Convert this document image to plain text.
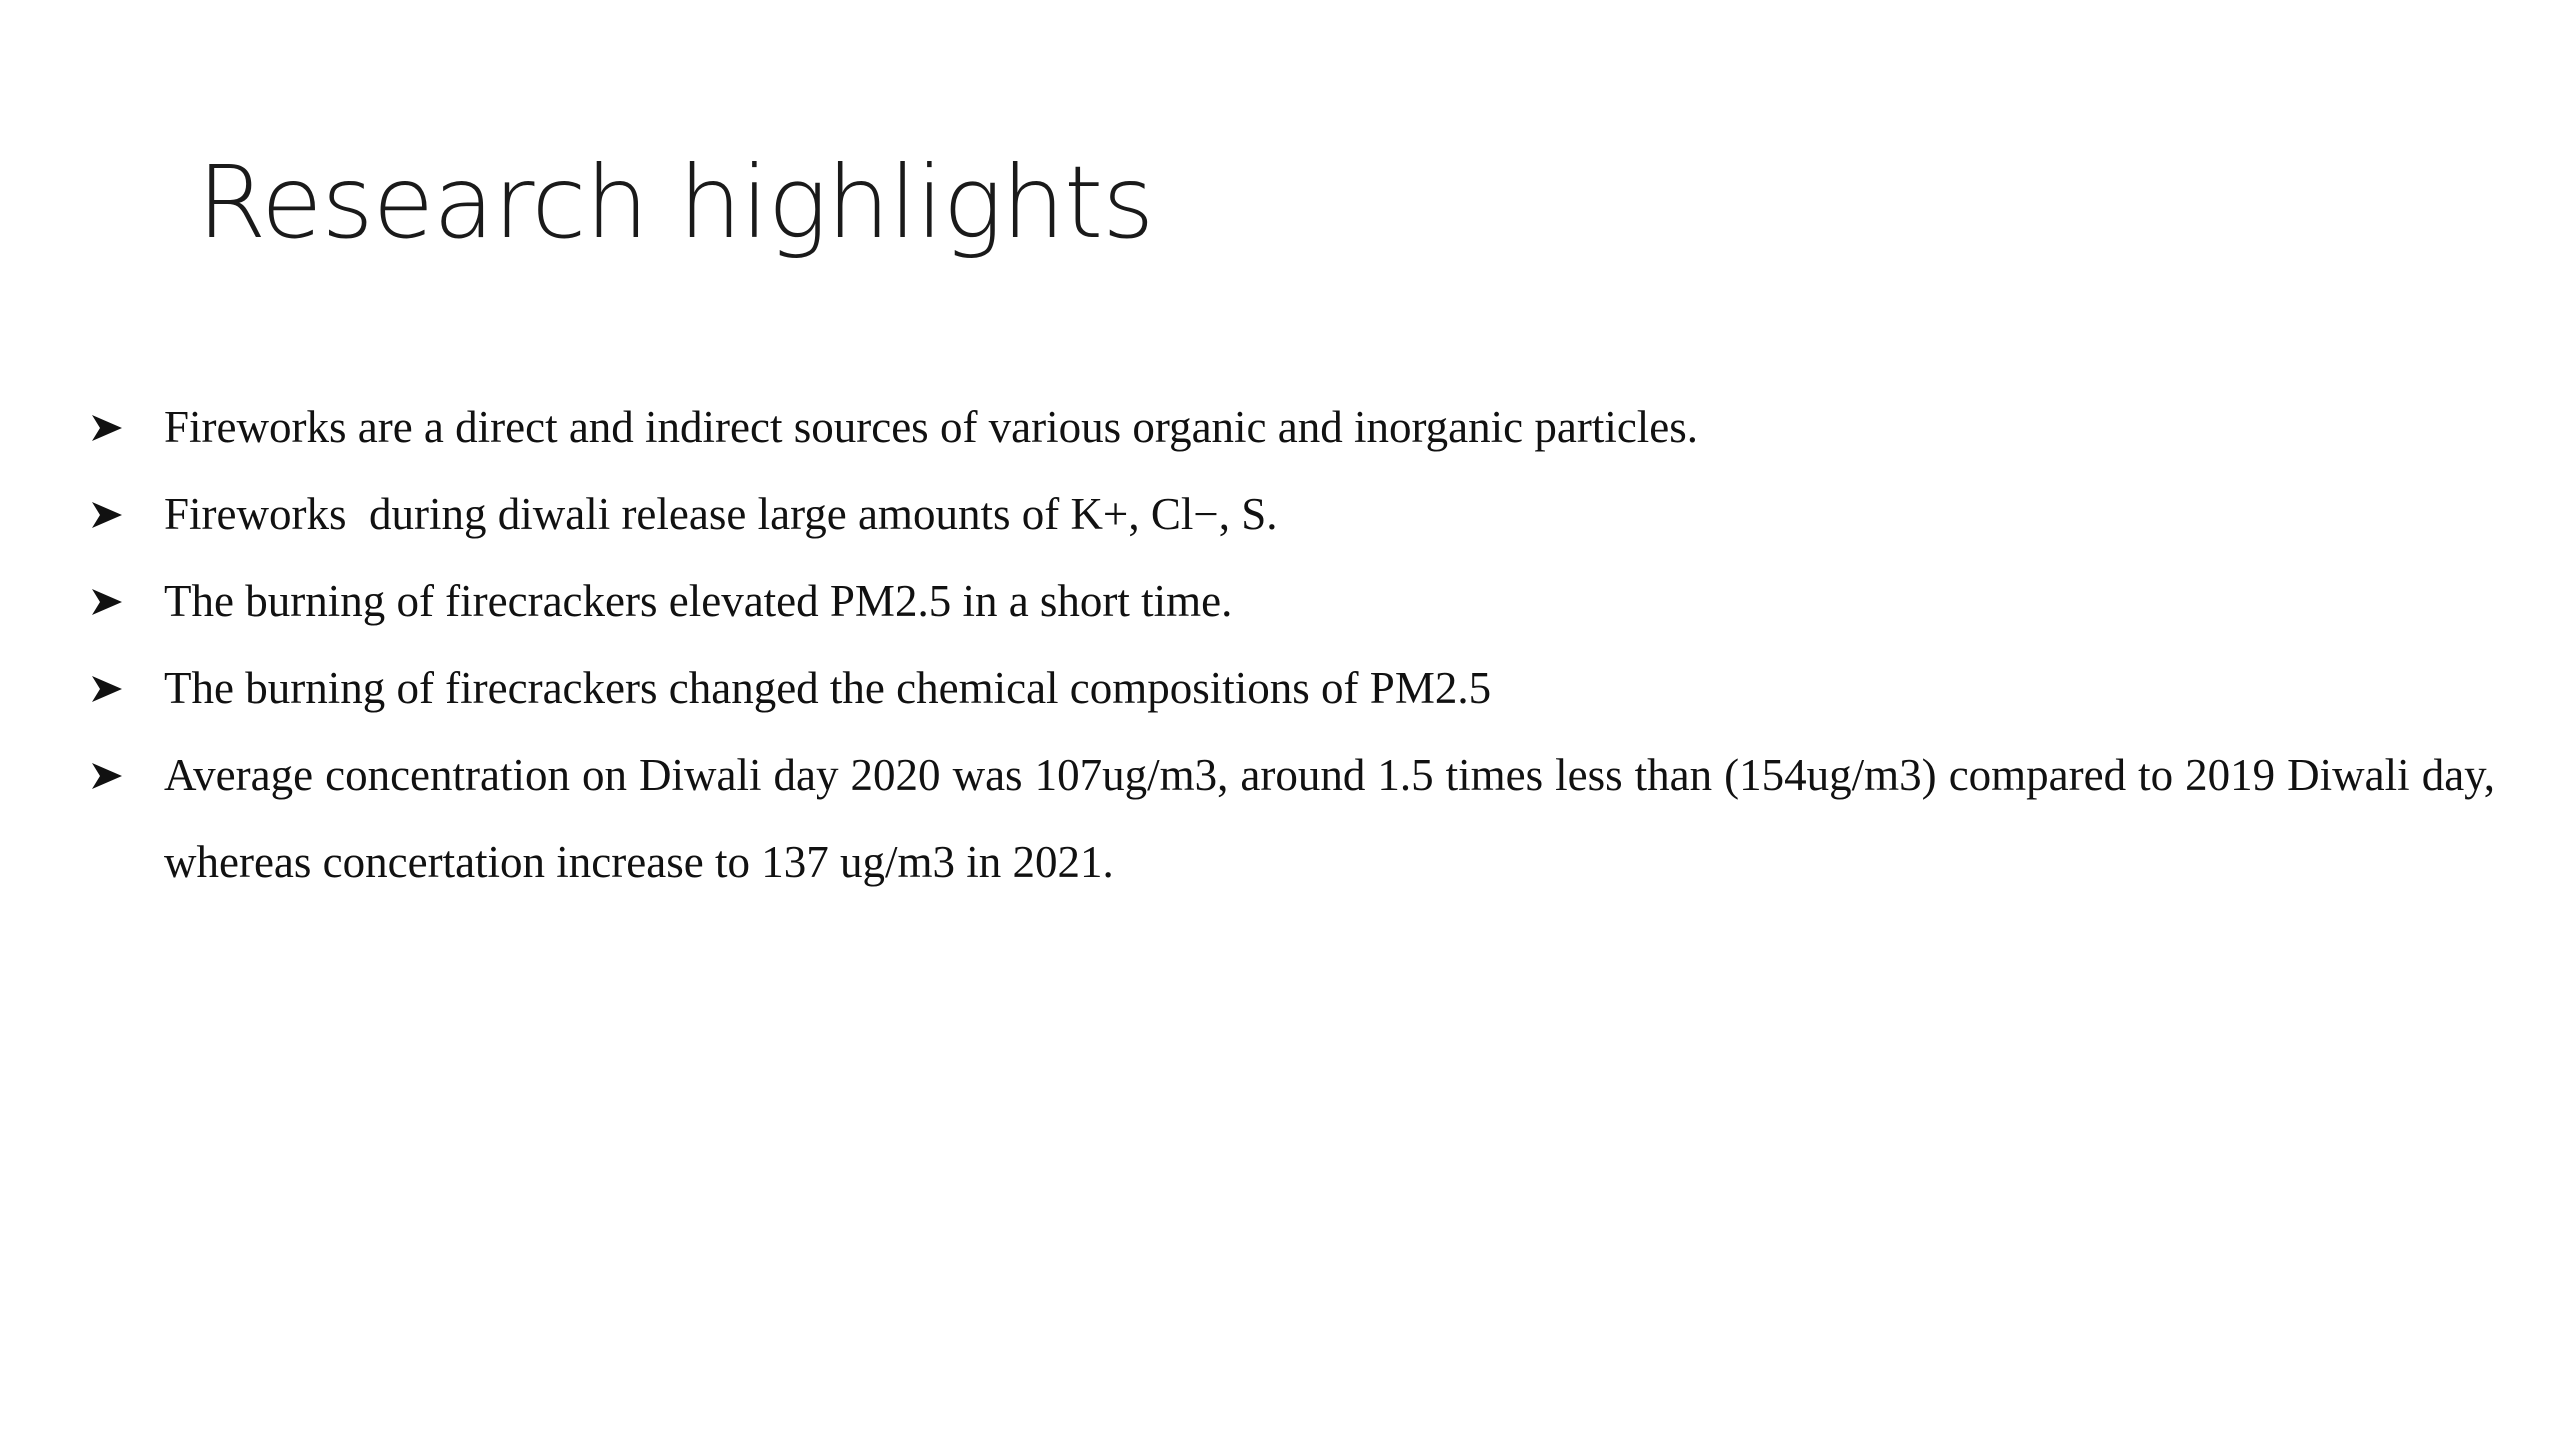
Research highlights
Fireworks are a direct and indirect sources of various organic and inorganic particles.
Fireworks  during diwali release large amounts of K+, Cl−, S.
The burning of firecrackers elevated PM2.5 in a short time.
The burning of firecrackers changed the chemical compositions of PM2.5
Average concentration on Diwali day 2020 was 107ug/m3, around 1.5 times less than (154ug/m3) compared to 2019 Diwali day, whereas concertation increase to 137 ug/m3 in 2021.
